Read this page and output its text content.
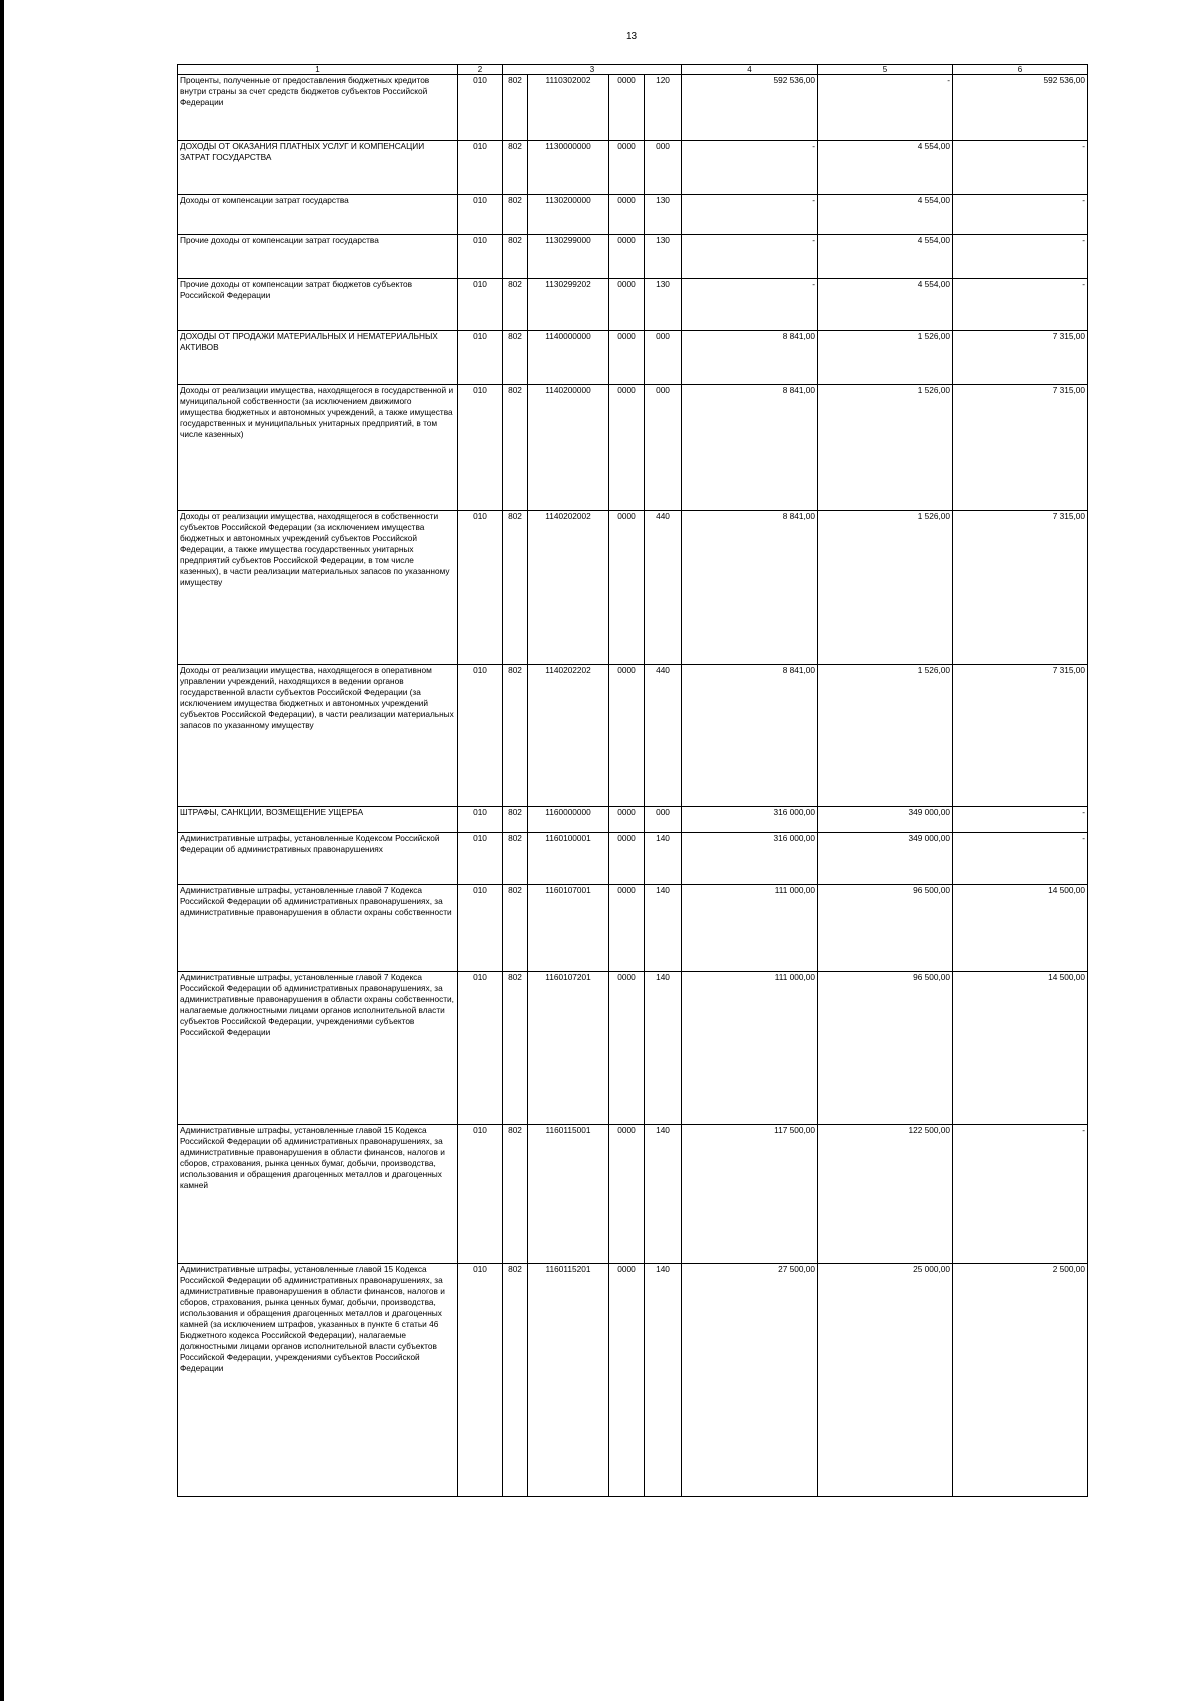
13
1	2	3				4	5	6
Проценты, полученные от предоставления бюджетных кредитов внутри страны за счет средств бюджетов субъектов Российской Федерации	010	802	1110302002	0000	120	592 536,00	-	592 536,00
ДОХОДЫ ОТ ОКАЗАНИЯ ПЛАТНЫХ УСЛУГ И КОМПЕНСАЦИИ ЗАТРАТ ГОСУДАРСТВА	010	802	1130000000	0000	000	-	4 554,00	-
Доходы от компенсации затрат государства	010	802	1130200000	0000	130	-	4 554,00	-
Прочие доходы от компенсации затрат государства	010	802	1130299000	0000	130	-	4 554,00	-
Прочие доходы от компенсации затрат бюджетов субъектов Российской Федерации	010	802	1130299202	0000	130	-	4 554,00	-
ДОХОДЫ ОТ ПРОДАЖИ МАТЕРИАЛЬНЫХ И НЕМАТЕРИАЛЬНЫХ АКТИВОВ	010	802	1140000000	0000	000	8 841,00	1 526,00	7 315,00
Доходы от реализации имущества, находящегося в государственной и муниципальной собственности (за исключением движимого имущества бюджетных и автономных учреждений, а также имущества государственных и муниципальных унитарных предприятий, в том числе казенных)	010	802	1140200000	0000	000	8 841,00	1 526,00	7 315,00
Доходы от реализации имущества, находящегося в собственности субъектов Российской Федерации (за исключением имущества бюджетных и автономных учреждений субъектов Российской Федерации, а также имущества государственных унитарных предприятий субъектов Российской Федерации, в том числе казенных), в части реализации материальных запасов по указанному имуществу	010	802	1140202002	0000	440	8 841,00	1 526,00	7 315,00
Доходы от реализации имущества, находящегося в оперативном управлении учреждений, находящихся в ведении органов государственной власти субъектов Российской Федерации (за исключением имущества бюджетных и автономных учреждений субъектов Российской Федерации), в части реализации материальных запасов по указанному имуществу	010	802	1140202202	0000	440	8 841,00	1 526,00	7 315,00
ШТРАФЫ, САНКЦИИ, ВОЗМЕЩЕНИЕ УЩЕРБА	010	802	1160000000	0000	000	316 000,00	349 000,00	-
Административные штрафы, установленные Кодексом Российской Федерации об административных правонарушениях	010	802	1160100001	0000	140	316 000,00	349 000,00	-
Административные штрафы, установленные главой 7 Кодекса Российской Федерации об административных правонарушениях, за административные правонарушения в области охраны собственности	010	802	1160107001	0000	140	111 000,00	96 500,00	14 500,00
Административные штрафы, установленные главой 7 Кодекса Российской Федерации об административных правонарушениях, за административные правонарушения в области охраны собственности, налагаемые должностными лицами органов исполнительной власти субъектов Российской Федерации, учреждениями субъектов Российской Федерации	010	802	1160107201	0000	140	111 000,00	96 500,00	14 500,00
Административные штрафы, установленные главой 15 Кодекса Российской Федерации об административных правонарушениях, за административные правонарушения в области финансов, налогов и сборов, страхования, рынка ценных бумаг, добычи, производства, использования и обращения драгоценных металлов и драгоценных камней	010	802	1160115001	0000	140	117 500,00	122 500,00	-
Административные штрафы, установленные главой 15 Кодекса Российской Федерации об административных правонарушениях, за административные правонарушения в области финансов, налогов и сборов, страхования, рынка ценных бумаг, добычи, производства, использования и обращения драгоценных металлов и драгоценных камней (за исключением штрафов, указанных в пункте 6 статьи 46 Бюджетного кодекса Российской Федерации), налагаемые должностными лицами органов исполнительной власти субъектов Российской Федерации, учреждениями субъектов Российской Федерации	010	802	1160115201	0000	140	27 500,00	25 000,00	2 500,00
